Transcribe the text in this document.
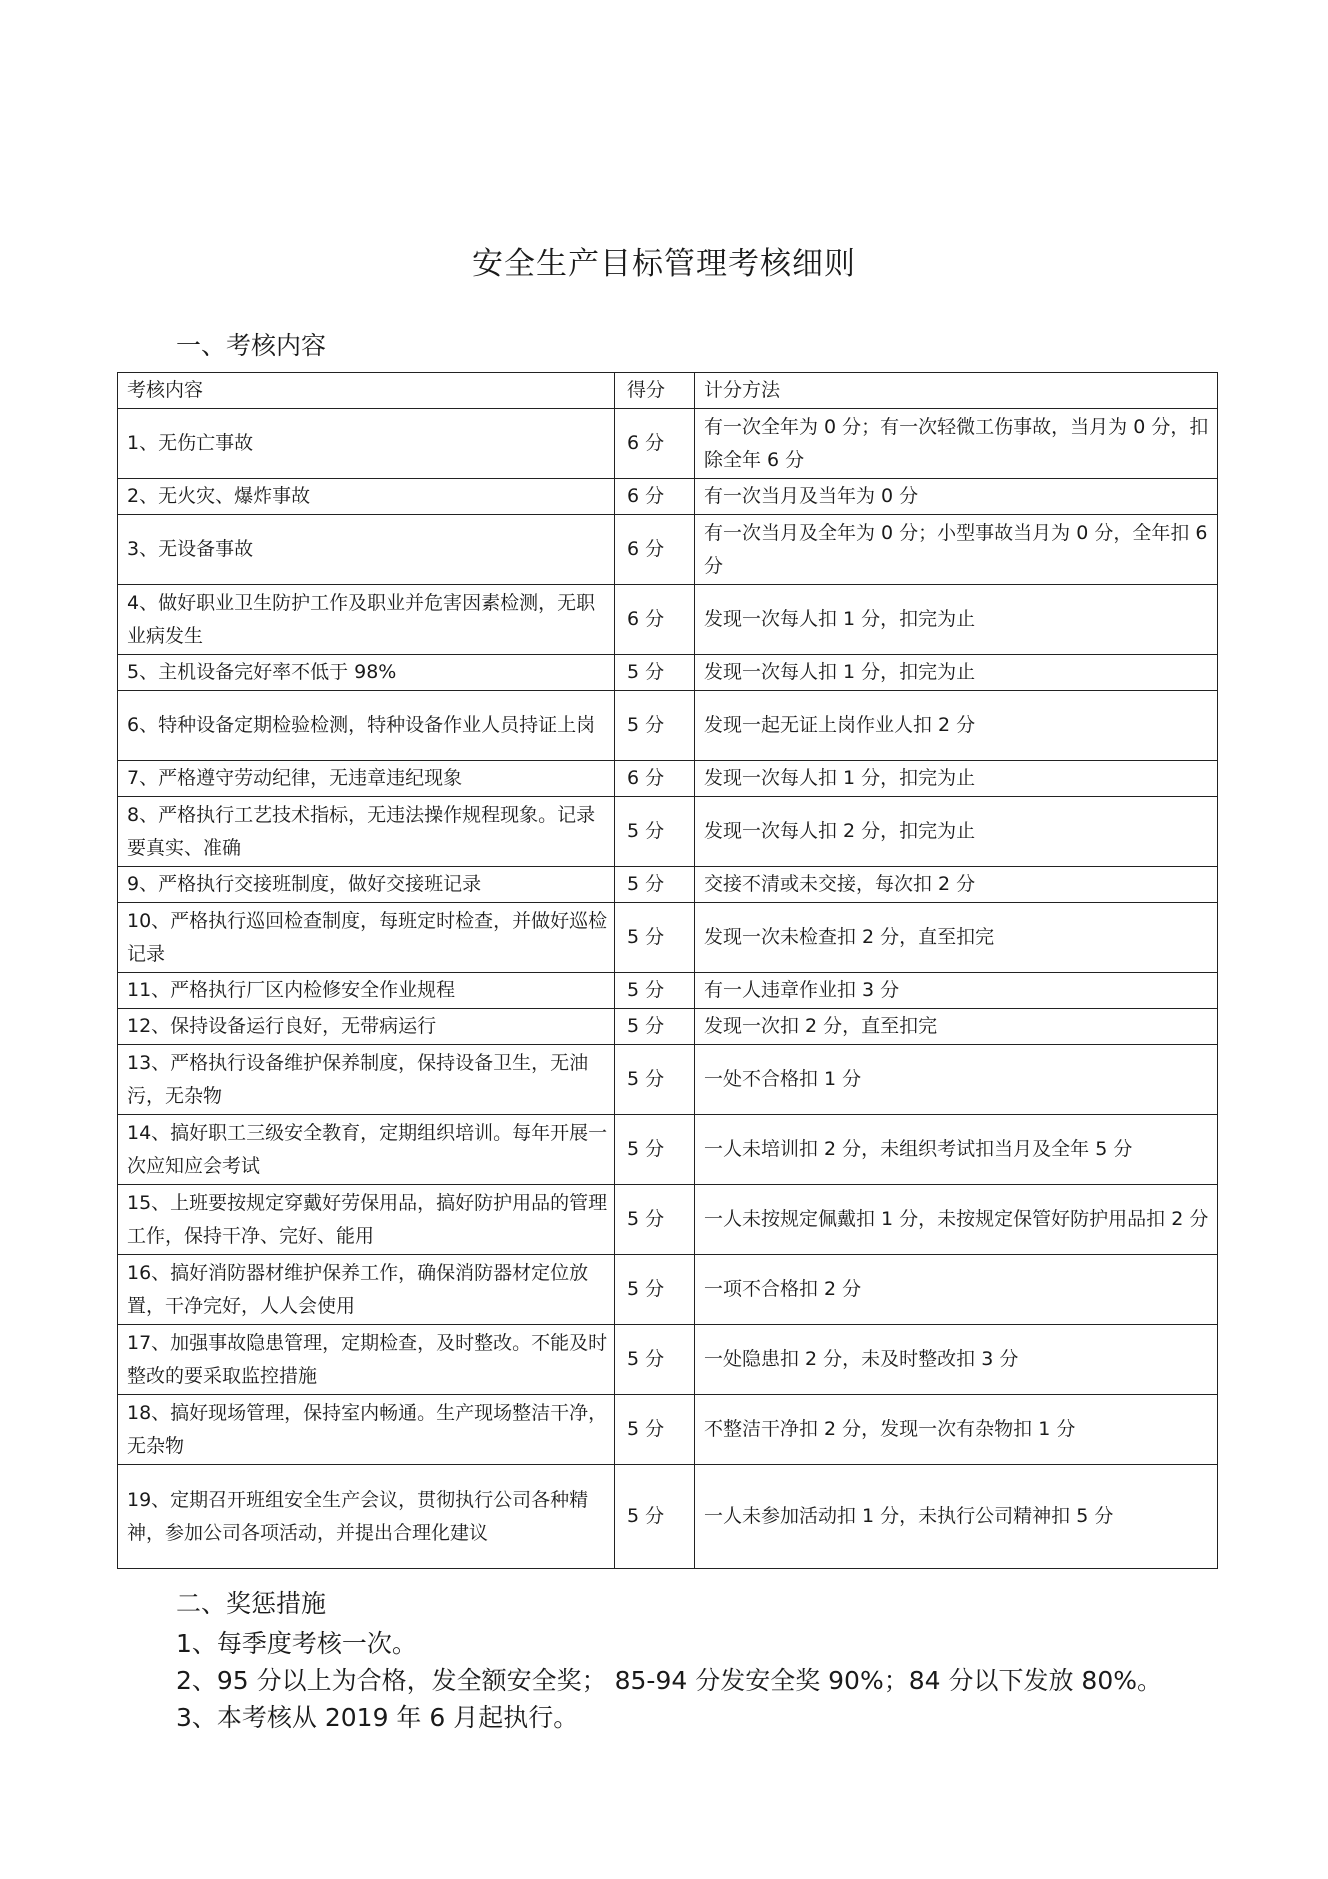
安全生产目标管理考核细则
一、考核内容
考核内容	得分	计分方法
1、无伤亡事故	6 分	有一次全年为 0 分；有一次轻微工伤事故，当月为 0 分，扣除全年 6 分
2、无火灾、爆炸事故	6 分	有一次当月及当年为 0 分
3、无设备事故	6 分	有一次当月及全年为 0 分；小型事故当月为 0 分，全年扣 6 分
4、做好职业卫生防护工作及职业并危害因素检测，无职业病发生	6 分	发现一次每人扣 1 分，扣完为止
5、主机设备完好率不低于 98%	5 分	发现一次每人扣 1 分，扣完为止
6、特种设备定期检验检测，特种设备作业人员持证上岗	5 分	发现一起无证上岗作业人扣 2 分
7、严格遵守劳动纪律，无违章违纪现象	6 分	发现一次每人扣 1 分，扣完为止
8、严格执行工艺技术指标，无违法操作规程现象。记录要真实、准确	5 分	发现一次每人扣 2 分，扣完为止
9、严格执行交接班制度，做好交接班记录	5 分	交接不清或未交接，每次扣 2 分
10、严格执行巡回检查制度，每班定时检查，并做好巡检记录	5 分	发现一次未检查扣 2 分，直至扣完
11、严格执行厂区内检修安全作业规程	5 分	有一人违章作业扣 3 分
12、保持设备运行良好，无带病运行	5 分	发现一次扣 2 分，直至扣完
13、严格执行设备维护保养制度，保持设备卫生，无油污，无杂物	5 分	一处不合格扣 1 分
14、搞好职工三级安全教育，定期组织培训。每年开展一次应知应会考试	5 分	一人未培训扣 2 分，未组织考试扣当月及全年 5 分
15、上班要按规定穿戴好劳保用品，搞好防护用品的管理工作，保持干净、完好、能用	5 分	一人未按规定佩戴扣 1 分，未按规定保管好防护用品扣 2 分
16、搞好消防器材维护保养工作，确保消防器材定位放置，干净完好，人人会使用	5 分	一项不合格扣 2 分
17、加强事故隐患管理，定期检查，及时整改。不能及时整改的要采取监控措施	5 分	一处隐患扣 2 分，未及时整改扣 3 分
18、搞好现场管理，保持室内畅通。生产现场整洁干净，无杂物	5 分	不整洁干净扣 2 分，发现一次有杂物扣 1 分
19、定期召开班组安全生产会议，贯彻执行公司各种精神，参加公司各项活动，并提出合理化建议	5 分	一人未参加活动扣 1 分，未执行公司精神扣 5 分
二、奖惩措施
1、每季度考核一次。
2、95 分以上为合格，发全额安全奖； 85-94 分发安全奖 90%；84 分以下发放 80%。
3、本考核从 2019 年 6 月起执行。
